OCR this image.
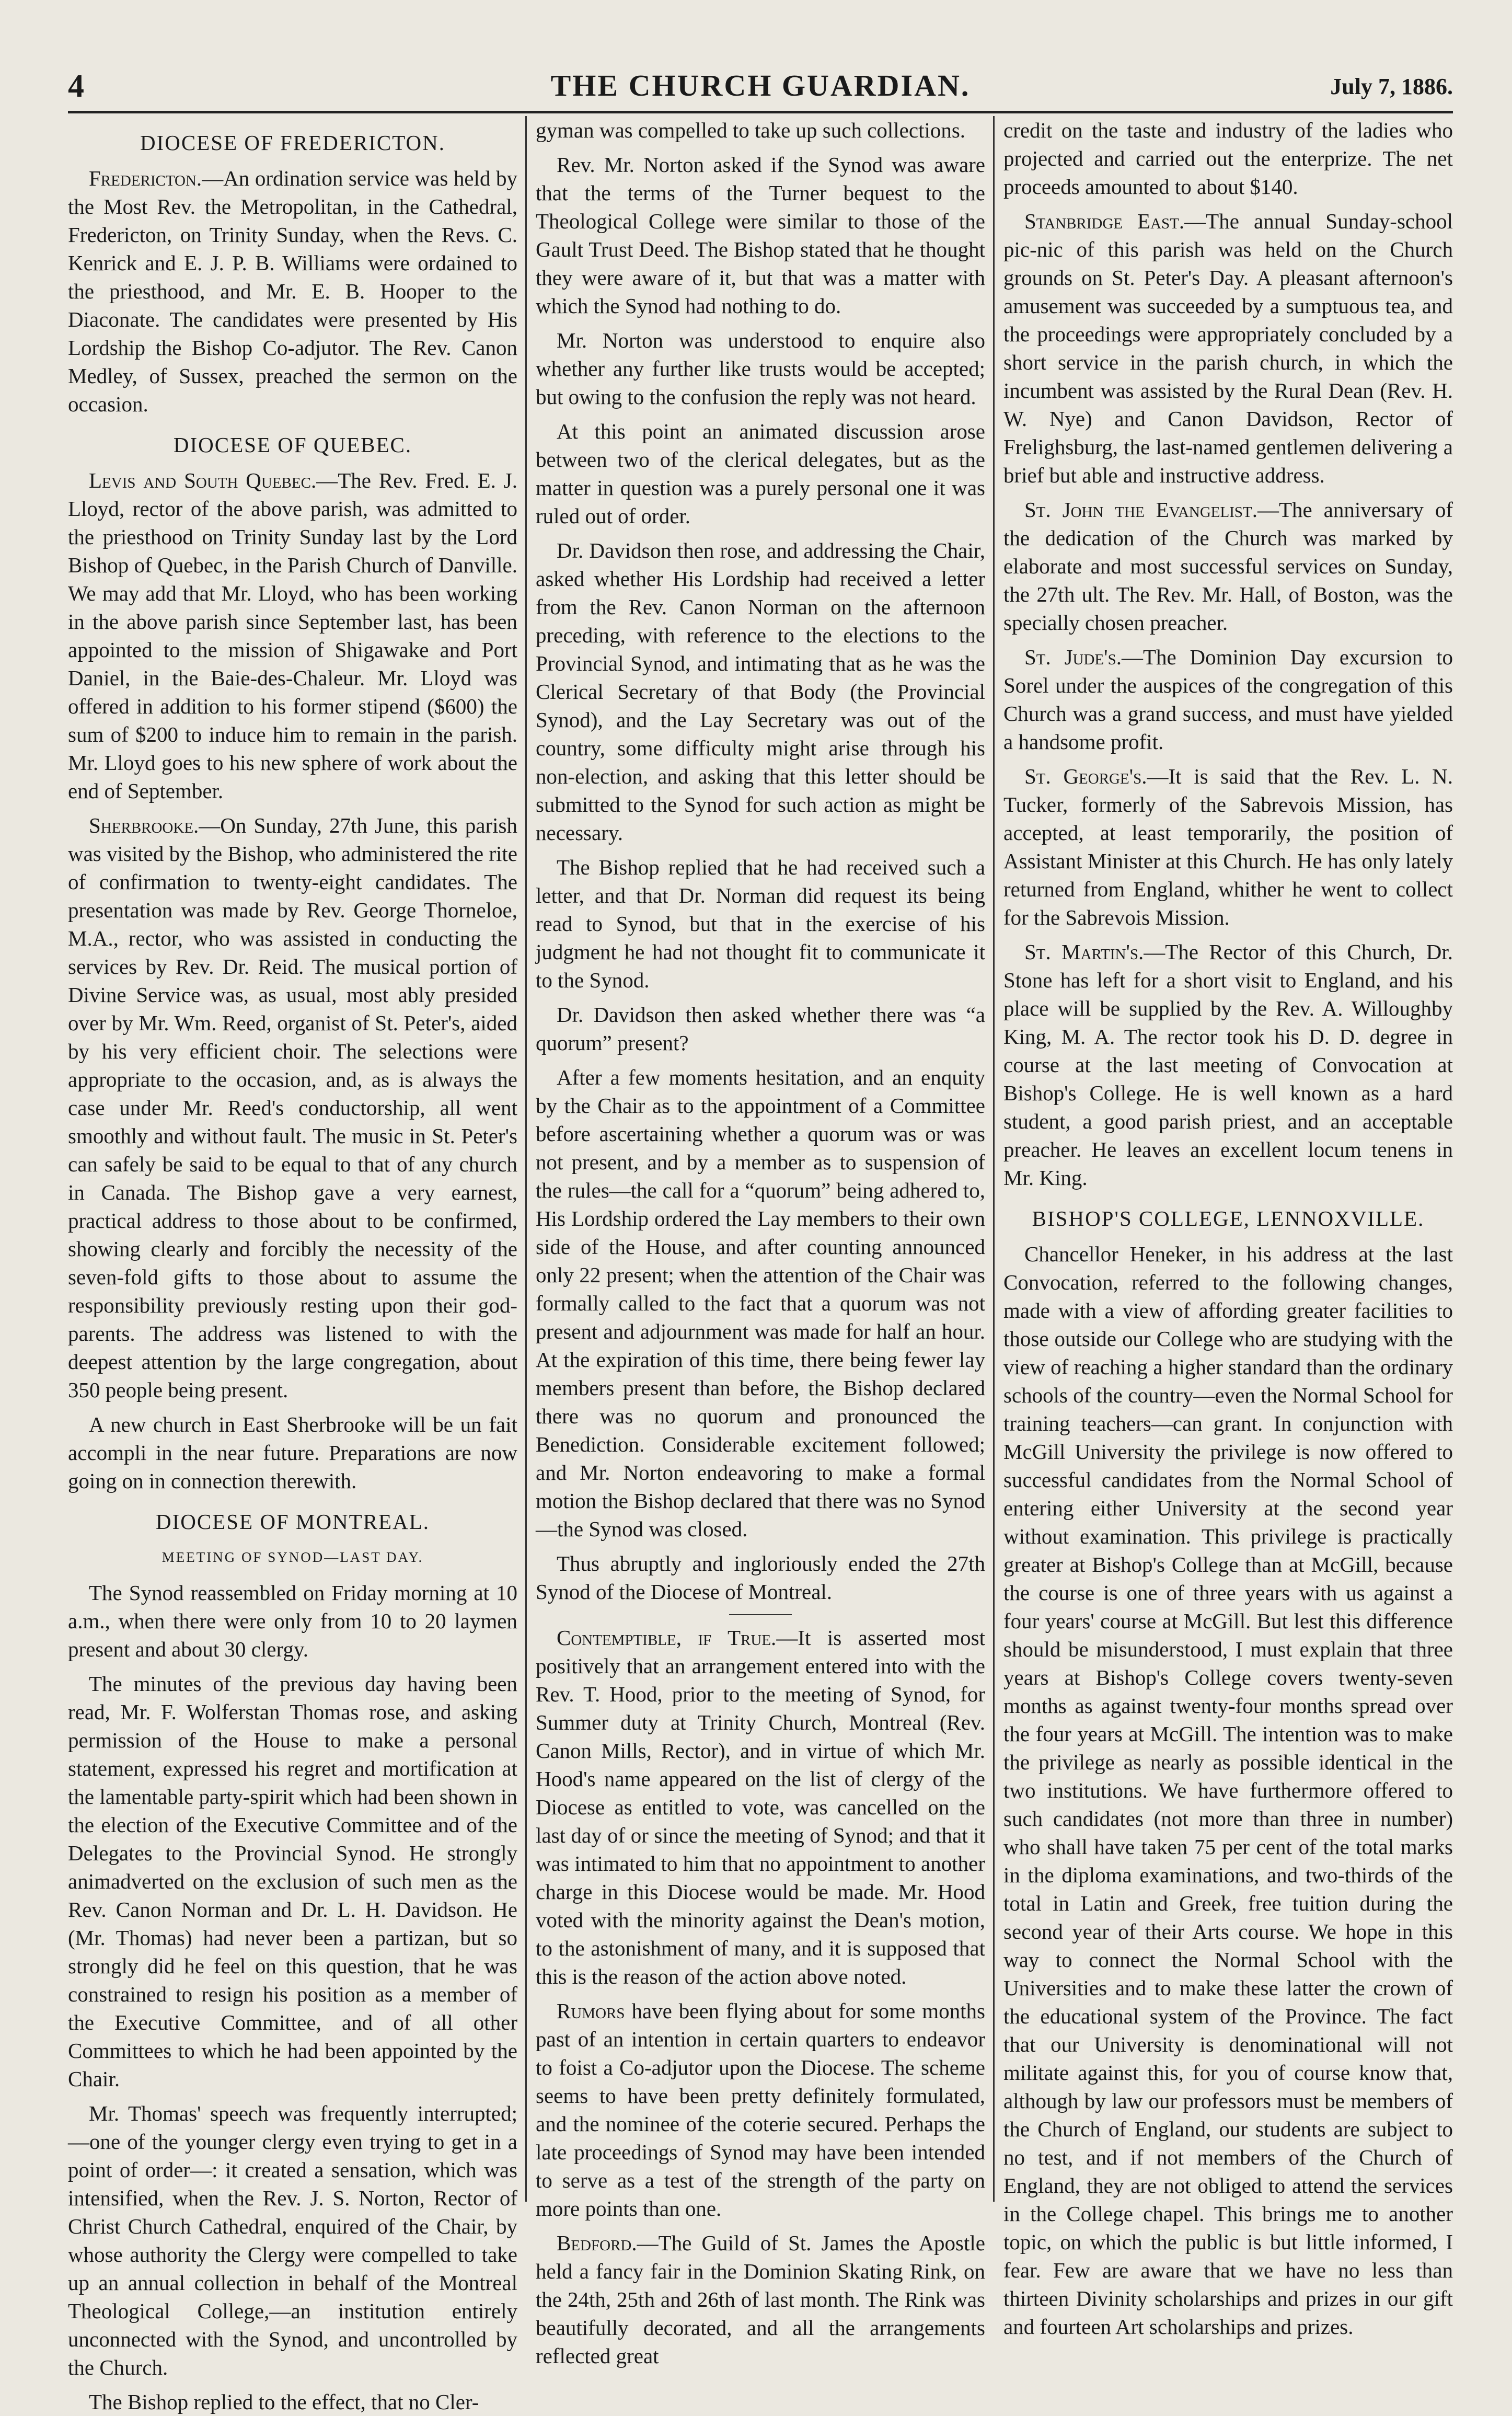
4	THE CHURCH GUARDIAN.	July 7, 1886.
DIOCESE OF FREDERICTON.

Fredericton.—An ordination service was held by the Most Rev. the Metropolitan, in the Cathedral, Fredericton, on Trinity Sunday, when the Revs. C. Kenrick and E. J. P. B. Williams were ordained to the priesthood, and Mr. E. B. Hooper to the Diaconate. The candidates were presented by His Lordship the Bishop Co-adjutor. The Rev. Canon Medley, of Sussex, preached the sermon on the occasion.

DIOCESE OF QUEBEC.

Levis and South Quebec.—The Rev. Fred. E. J. Lloyd, rector of the above parish, was admitted to the priesthood on Trinity Sunday last by the Lord Bishop of Quebec, in the Parish Church of Danville. We may add that Mr. Lloyd, who has been working in the above parish since September last, has been appointed to the mission of Shigawake and Port Daniel, in the Baie-des-Chaleur. Mr. Lloyd was offered in addition to his former stipend ($600) the sum of $200 to induce him to remain in the parish. Mr. Lloyd goes to his new sphere of work about the end of September.

Sherbrooke.—On Sunday, 27th June, this parish was visited by the Bishop, who administered the rite of confirmation to twenty-eight candidates. The presentation was made by Rev. George Thorneloe, M.A., rector, who was assisted in conducting the services by Rev. Dr. Reid. The musical portion of Divine Service was, as usual, most ably presided over by Mr. Wm. Reed, organist of St. Peter's, aided by his very efficient choir. The selections were appropriate to the occasion, and, as is always the case under Mr. Reed's conductorship, all went smoothly and without fault. The music in St. Peter's can safely be said to be equal to that of any church in Canada. The Bishop gave a very earnest, practical address to those about to be confirmed, showing clearly and forcibly the necessity of the seven-fold gifts to those about to assume the responsibility previously resting upon their god-parents. The address was listened to with the deepest attention by the large congregation, about 350 people being present.

A new church in East Sherbrooke will be un fait accompli in the near future. Preparations are now going on in connection therewith.

DIOCESE OF MONTREAL.
MEETING OF SYNOD—LAST DAY.

The Synod reassembled on Friday morning at 10 a.m., when there were only from 10 to 20 laymen present and about 30 clergy.

The minutes of the previous day having been read, Mr. F. Wolferstan Thomas rose, and asking permission of the House to make a personal statement, expressed his regret and mortification at the lamentable party-spirit which had been shown in the election of the Executive Committee and of the Delegates to the Provincial Synod. He strongly animadverted on the exclusion of such men as the Rev. Canon Norman and Dr. L. H. Davidson. He (Mr. Thomas) had never been a partizan, but so strongly did he feel on this question, that he was constrained to resign his position as a member of the Executive Committee, and of all other Committees to which he had been appointed by the Chair.

Mr. Thomas' speech was frequently interrupted;—one of the younger clergy even trying to get in a point of order—: it created a sensation, which was intensified, when the Rev. J. S. Norton, Rector of Christ Church Cathedral, enquired of the Chair, by whose authority the Clergy were compelled to take up an annual collection in behalf of the Montreal Theological College,—an institution entirely unconnected with the Synod, and uncontrolled by the Church.

The Bishop replied to the effect, that no Cler-

gyman was compelled to take up such collections.

Rev. Mr. Norton asked if the Synod was aware that the terms of the Turner bequest to the Theological College were similar to those of the Gault Trust Deed. The Bishop stated that he thought they were aware of it, but that was a matter with which the Synod had nothing to do.

Mr. Norton was understood to enquire also whether any further like trusts would be accepted; but owing to the confusion the reply was not heard.

At this point an animated discussion arose between two of the clerical delegates, but as the matter in question was a purely personal one it was ruled out of order.

Dr. Davidson then rose, and addressing the Chair, asked whether His Lordship had received a letter from the Rev. Canon Norman on the afternoon preceding, with reference to the elections to the Provincial Synod, and intimating that as he was the Clerical Secretary of that Body (the Provincial Synod), and the Lay Secretary was out of the country, some difficulty might arise through his non-election, and asking that this letter should be submitted to the Synod for such action as might be necessary.

The Bishop replied that he had received such a letter, and that Dr. Norman did request its being read to Synod, but that in the exercise of his judgment he had not thought fit to communicate it to the Synod.

Dr. Davidson then asked whether there was “a quorum” present?

After a few moments hesitation, and an enquity by the Chair as to the appointment of a Committee before ascertaining whether a quorum was or was not present, and by a member as to suspension of the rules—the call for a “quorum” being adhered to, His Lordship ordered the Lay members to their own side of the House, and after counting announced only 22 present; when the attention of the Chair was formally called to the fact that a quorum was not present and adjournment was made for half an hour. At the expiration of this time, there being fewer lay members present than before, the Bishop declared there was no quorum and pronounced the Benediction. Considerable excitement followed; and Mr. Norton endeavoring to make a formal motion the Bishop declared that there was no Synod—the Synod was closed.

Thus abruptly and ingloriously ended the 27th Synod of the Diocese of Montreal.

Contemptible, if True.—It is asserted most positively that an arrangement entered into with the Rev. T. Hood, prior to the meeting of Synod, for Summer duty at Trinity Church, Montreal (Rev. Canon Mills, Rector), and in virtue of which Mr. Hood's name appeared on the list of clergy of the Diocese as entitled to vote, was cancelled on the last day of or since the meeting of Synod; and that it was intimated to him that no appointment to another charge in this Diocese would be made. Mr. Hood voted with the minority against the Dean's motion, to the astonishment of many, and it is supposed that this is the reason of the action above noted.

Rumors have been flying about for some months past of an intention in certain quarters to endeavor to foist a Co-adjutor upon the Diocese. The scheme seems to have been pretty definitely formulated, and the nominee of the coterie secured. Perhaps the late proceedings of Synod may have been intended to serve as a test of the strength of the party on more points than one.

Bedford.—The Guild of St. James the Apostle held a fancy fair in the Dominion Skating Rink, on the 24th, 25th and 26th of last month. The Rink was beautifully decorated, and all the arrangements reflected great

credit on the taste and industry of the ladies who projected and carried out the enterprize. The net proceeds amounted to about $140.

Stanbridge East.—The annual Sunday-school pic-nic of this parish was held on the Church grounds on St. Peter's Day. A pleasant afternoon's amusement was succeeded by a sumptuous tea, and the proceedings were appropriately concluded by a short service in the parish church, in which the incumbent was assisted by the Rural Dean (Rev. H. W. Nye) and Canon Davidson, Rector of Frelighsburg, the last-named gentlemen delivering a brief but able and instructive address.

St. John the Evangelist.—The anniversary of the dedication of the Church was marked by elaborate and most successful services on Sunday, the 27th ult. The Rev. Mr. Hall, of Boston, was the specially chosen preacher.

St. Jude's.—The Dominion Day excursion to Sorel under the auspices of the congregation of this Church was a grand success, and must have yielded a handsome profit.

St. George's.—It is said that the Rev. L. N. Tucker, formerly of the Sabrevois Mission, has accepted, at least temporarily, the position of Assistant Minister at this Church. He has only lately returned from England, whither he went to collect for the Sabrevois Mission.

St. Martin's.—The Rector of this Church, Dr. Stone has left for a short visit to England, and his place will be supplied by the Rev. A. Willoughby King, M. A. The rector took his D. D. degree in course at the last meeting of Convocation at Bishop's College. He is well known as a hard student, a good parish priest, and an acceptable preacher. He leaves an excellent locum tenens in Mr. King.

BISHOP'S COLLEGE, LENNOXVILLE.

Chancellor Heneker, in his address at the last Convocation, referred to the following changes, made with a view of affording greater facilities to those outside our College who are studying with the view of reaching a higher standard than the ordinary schools of the country—even the Normal School for training teachers—can grant. In conjunction with McGill University the privilege is now offered to successful candidates from the Normal School of entering either University at the second year without examination. This privilege is practically greater at Bishop's College than at McGill, because the course is one of three years with us against a four years' course at McGill. But lest this difference should be misunderstood, I must explain that three years at Bishop's College covers twenty-seven months as against twenty-four months spread over the four years at McGill. The intention was to make the privilege as nearly as possible identical in the two institutions. We have furthermore offered to such candidates (not more than three in number) who shall have taken 75 per cent of the total marks in the diploma examinations, and two-thirds of the total in Latin and Greek, free tuition during the second year of their Arts course. We hope in this way to connect the Normal School with the Universities and to make these latter the crown of the educational system of the Province. The fact that our University is denominational will not militate against this, for you of course know that, although by law our professors must be members of the Church of England, our students are subject to no test, and if not members of the Church of England, they are not obliged to attend the services in the College chapel. This brings me to another topic, on which the public is but little informed, I fear. Few are aware that we have no less than thirteen Divinity scholarships and prizes in our gift and fourteen Art scholarships and prizes.
